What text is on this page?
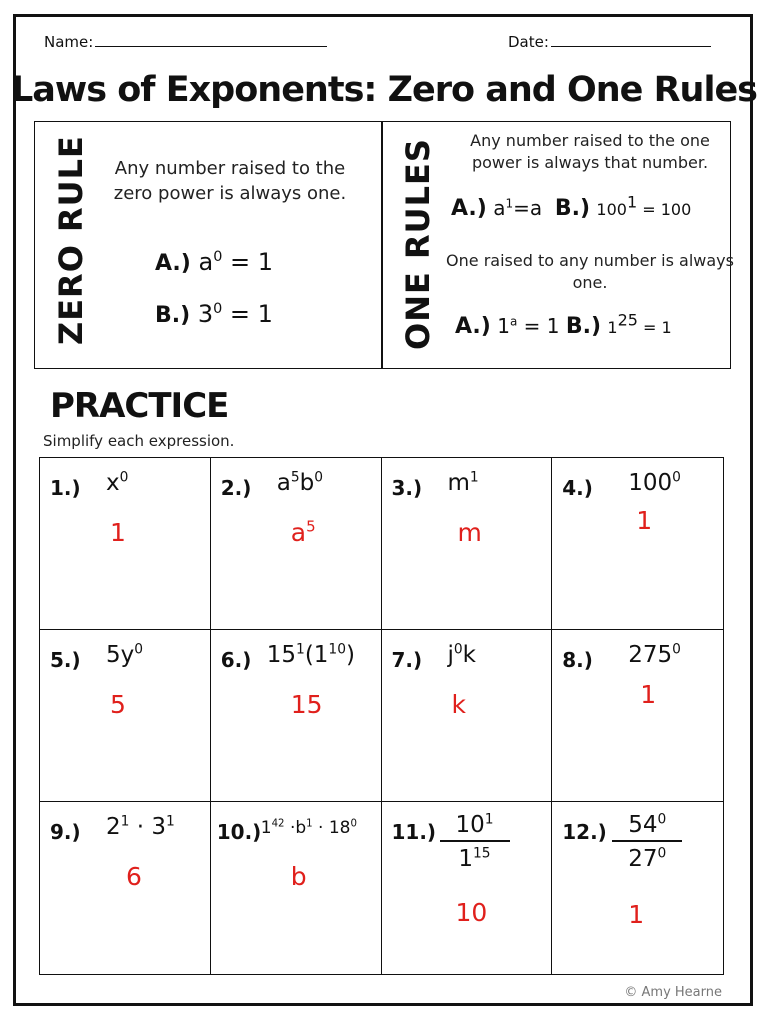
Name:	Date:
Laws of Exponents: Zero and One Rules
ZERO RULE	Any number raised to the zero power is always one.
A.) $a^0 = 1$
B.) $3^0 = 1$	ONE RULES	Any number raised to the one power is always that number.
A.) $a^1=a$ B.) $100^1 = 100$
One raised to any number is always one.
A.) $1^a = 1$ B.) $1^{25} = 1$
PRACTICE
Simplify each expression.
1.) $x^0$
1
2.) $a^5b^0$
$a^5$
3.) $m^1$
m
4.) $100^0$
1
5.) $5y^0$
5
6.) $15^1(1^{10})$
15
7.) $j^0k$
k
8.) $275^0$
1
9.) $2^1 \cdot 3^1$
6
10.) $1^{42} \cdot b^1 \cdot 18^0$
b
11.) $10^1$
$1^{15}$
10
12.) $54^0$
$27^0$
1
© Amy Hearne
